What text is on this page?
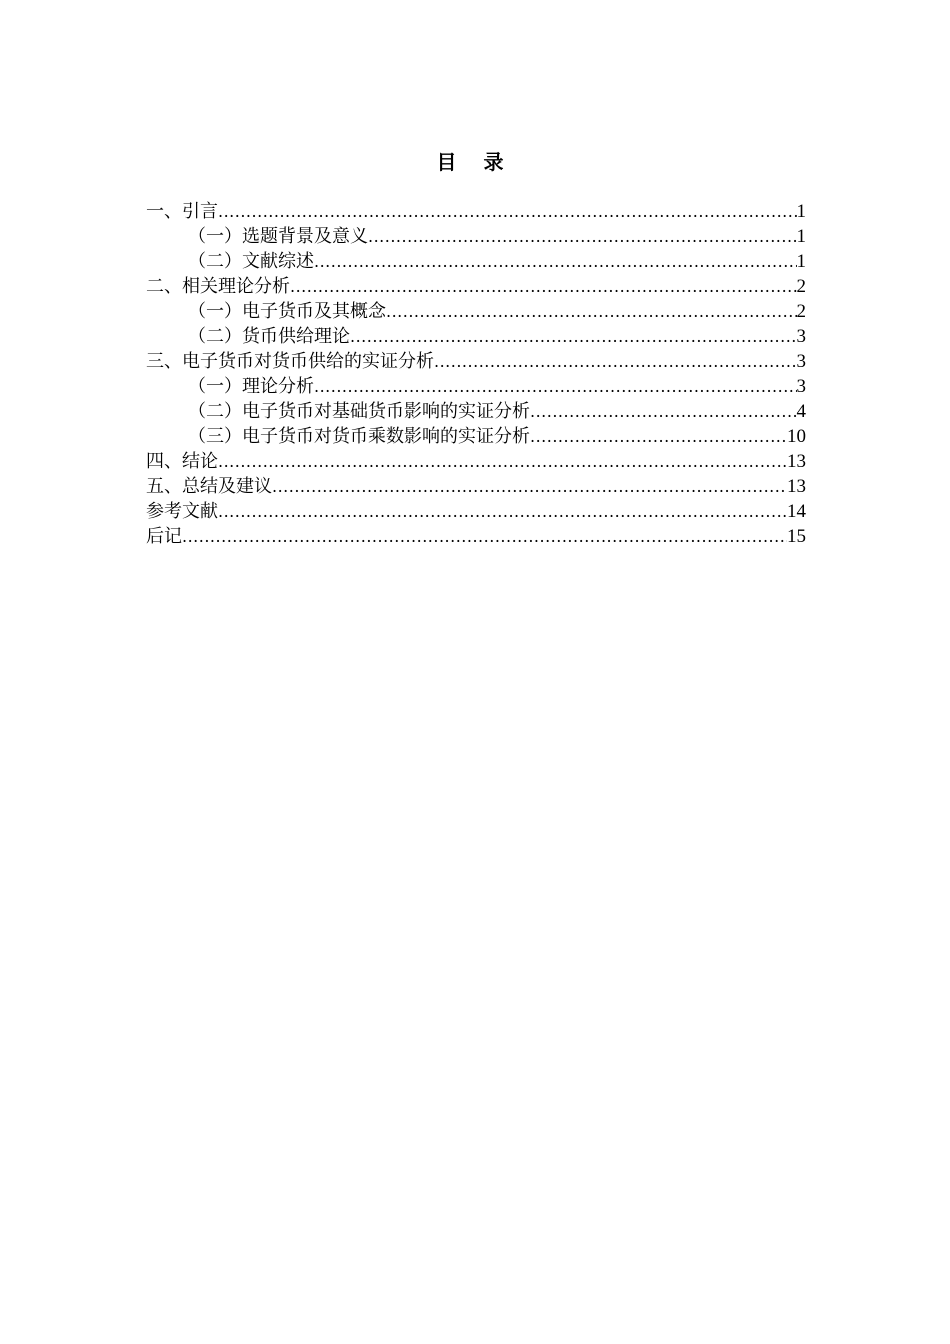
目 录
一、引言 .....	1
（一）选题背景及意义 .....	1
（二）文献综述 .....	1
二、相关理论分析 .....	2
（一）电子货币及其概念 .....	2
（二）货币供给理论 .....	3
三、电子货币对货币供给的实证分析 .....	3
（一）理论分析 .....	3
（二）电子货币对基础货币影响的实证分析 .....	4
（三）电子货币对货币乘数影响的实证分析 .....	10
四、结论 .....	13
五、总结及建议 .....	13
参考文献 .....	14
后记 .....	15
